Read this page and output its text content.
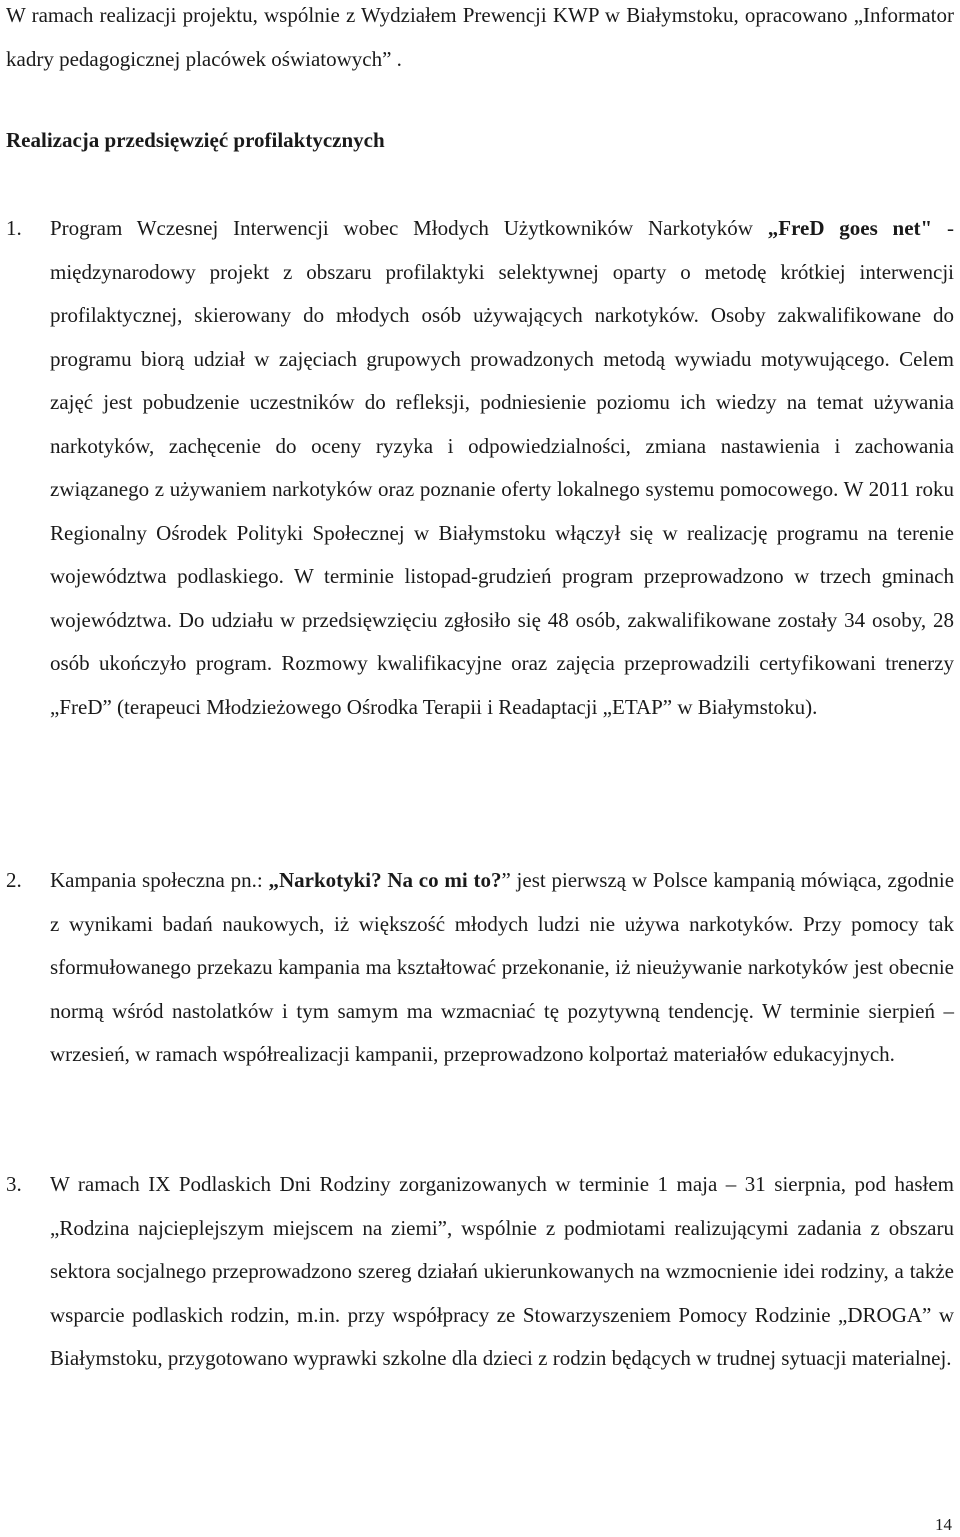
W ramach realizacji projektu, wspólnie z Wydziałem Prewencji KWP w Białymstoku, opracowano „Informator kadry pedagogicznej placówek oświatowych” .

Realizacja przedsięwzięć profilaktycznych
1. Program Wczesnej Interwencji wobec Młodych Użytkowników Narkotyków „FreD goes net" - międzynarodowy projekt z obszaru profilaktyki selektywnej oparty o metodę krótkiej interwencji profilaktycznej, skierowany do młodych osób używających narkotyków. Osoby zakwalifikowane do programu biorą udział w zajęciach grupowych prowadzonych metodą wywiadu motywującego. Celem zajęć jest pobudzenie uczestników do refleksji, podniesienie poziomu ich wiedzy na temat używania narkotyków, zachęcenie do oceny ryzyka i odpowiedzialności, zmiana nastawienia i zachowania związanego z używaniem narkotyków oraz poznanie oferty lokalnego systemu pomocowego. W 2011 roku Regionalny Ośrodek Polityki Społecznej w Białymstoku włączył się w realizację programu na terenie województwa podlaskiego. W terminie listopad-grudzień program przeprowadzono w trzech gminach województwa. Do udziału w przedsięwzięciu zgłosiło się 48 osób, zakwalifikowane zostały 34 osoby, 28 osób ukończyło program. Rozmowy kwalifikacyjne oraz zajęcia przeprowadzili certyfikowani trenerzy „FreD” (terapeuci Młodzieżowego Ośrodka Terapii i Readaptacji „ETAP” w Białymstoku).

2. Kampania społeczna pn.: „Narkotyki? Na co mi to?” jest pierwszą w Polsce kampanią mówiąca, zgodnie z wynikami badań naukowych, iż większość młodych ludzi nie używa narkotyków. Przy pomocy tak sformułowanego przekazu kampania ma kształtować przekonanie, iż nieużywanie narkotyków jest obecnie normą wśród nastolatków i tym samym ma wzmacniać tę pozytywną tendencję. W terminie sierpień – wrzesień, w ramach współrealizacji kampanii, przeprowadzono kolportaż materiałów edukacyjnych.

3. W ramach IX Podlaskich Dni Rodziny zorganizowanych w terminie 1 maja – 31 sierpnia, pod hasłem „Rodzina najcieplejszym miejscem na ziemi”, wspólnie z podmiotami realizującymi zadania z obszaru sektora socjalnego przeprowadzono szereg działań ukierunkowanych na wzmocnienie idei rodziny, a także wsparcie podlaskich rodzin, m.in. przy współpracy ze Stowarzyszeniem Pomocy Rodzinie „DROGA” w Białymstoku, przygotowano wyprawki szkolne dla dzieci z rodzin będących w trudnej sytuacji materialnej.

14
